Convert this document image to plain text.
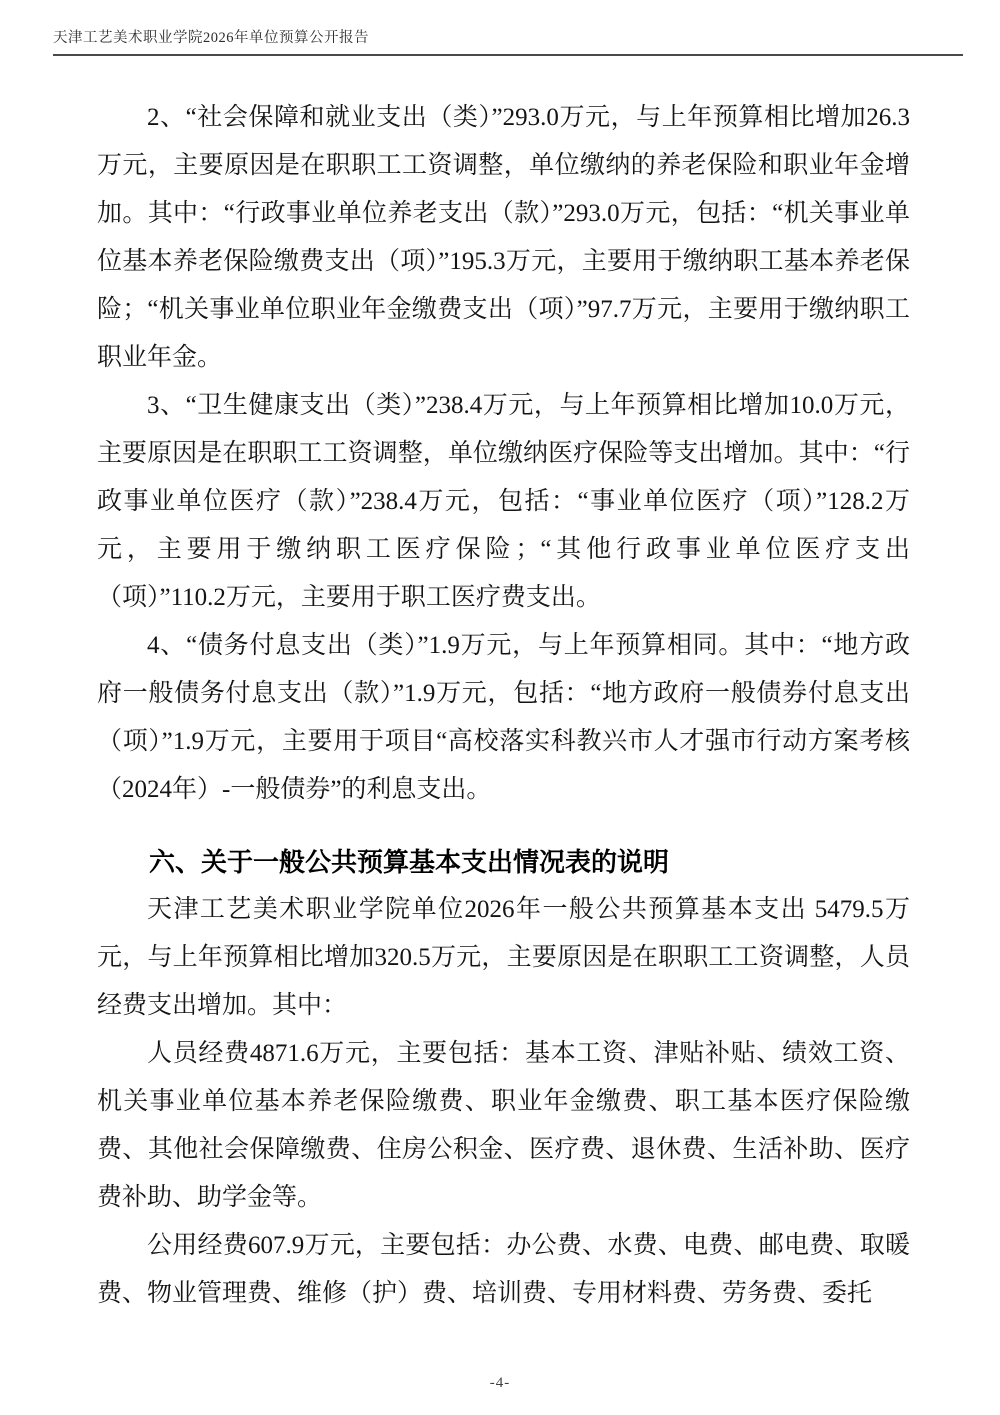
天津工艺美术职业学院2026年单位预算公开报告

2、“社会保障和就业支出（类）”293.0万元，与上年预算相比增加26.3万元，主要原因是在职职工工资调整，单位缴纳的养老保险和职业年金增加。其中：“行政事业单位养老支出（款）”293.0万元，包括：“机关事业单位基本养老保险缴费支出（项）”195.3万元，主要用于缴纳职工基本养老保险；“机关事业单位职业年金缴费支出（项）”97.7万元，主要用于缴纳职工职业年金。

3、“卫生健康支出（类）”238.4万元，与上年预算相比增加10.0万元，主要原因是在职职工工资调整，单位缴纳医疗保险等支出增加。其中：“行政事业单位医疗（款）”238.4万元，包括：“事业单位医疗（项）”128.2万元，主要用于缴纳职工医疗保险；“其他行政事业单位医疗支出（项）”110.2万元，主要用于职工医疗费支出。

4、“债务付息支出（类）”1.9万元，与上年预算相同。其中：“地方政府一般债务付息支出（款）”1.9万元，包括：“地方政府一般债券付息支出（项）”1.9万元，主要用于项目“高校落实科教兴市人才强市行动方案考核（2024年）-一般债券”的利息支出。

六、关于一般公共预算基本支出情况表的说明

天津工艺美术职业学院单位2026年一般公共预算基本支出 5479.5万元，与上年预算相比增加320.5万元，主要原因是在职职工工资调整，人员经费支出增加。其中：

人员经费4871.6万元，主要包括：基本工资、津贴补贴、绩效工资、机关事业单位基本养老保险缴费、职业年金缴费、职工基本医疗保险缴费、其他社会保障缴费、住房公积金、医疗费、退休费、生活补助、医疗费补助、助学金等。

公用经费607.9万元，主要包括：办公费、水费、电费、邮电费、取暖费、物业管理费、维修（护）费、培训费、专用材料费、劳务费、委托

-4-
